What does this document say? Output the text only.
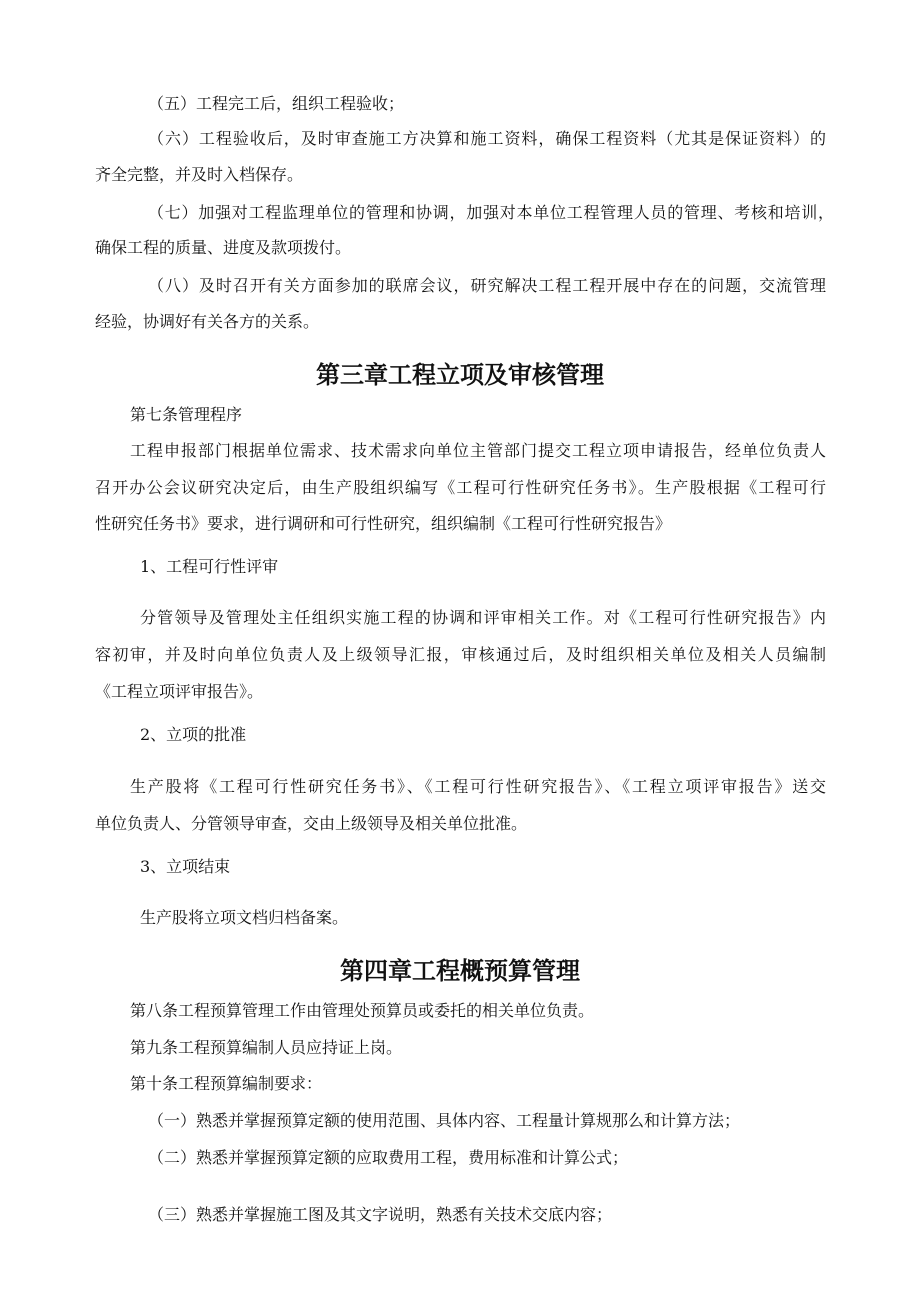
（五）工程完工后，组织工程验收；

（六）工程验收后，及时审查施工方决算和施工资料，确保工程资料（尤其是保证资料）的

齐全完整，并及时入档保存。

（七）加强对工程监理单位的管理和协调，加强对本单位工程管理人员的管理、考核和培训，

确保工程的质量、进度及款项拨付。

（八）及时召开有关方面参加的联席会议，研究解决工程工程开展中存在的问题，交流管理

经验，协调好有关各方的关系。

第三章工程立项及审核管理

第七条管理程序

工程申报部门根据单位需求、技术需求向单位主管部门提交工程立项申请报告，经单位负责人

召开办公会议研究决定后，由生产股组织编写《工程可行性研究任务书》。生产股根据《工程可行

性研究任务书》要求，进行调研和可行性研究，组织编制《工程可行性研究报告》

1、工程可行性评审

分管领导及管理处主任组织实施工程的协调和评审相关工作。对《工程可行性研究报告》内

容初审，并及时向单位负责人及上级领导汇报，审核通过后，及时组织相关单位及相关人员编制

《工程立项评审报告》。

2、立项的批准

生产股将《工程可行性研究任务书》、《工程可行性研究报告》、《工程立项评审报告》送交

单位负责人、分管领导审查，交由上级领导及相关单位批准。

3、立项结束

生产股将立项文档归档备案。

第四章工程概预算管理

第八条工程预算管理工作由管理处预算员或委托的相关单位负责。

第九条工程预算编制人员应持证上岗。

第十条工程预算编制要求：

（一）熟悉并掌握预算定额的使用范围、具体内容、工程量计算规那么和计算方法；

（二）熟悉并掌握预算定额的应取费用工程，费用标准和计算公式；

（三）熟悉并掌握施工图及其文字说明，熟悉有关技术交底内容；
